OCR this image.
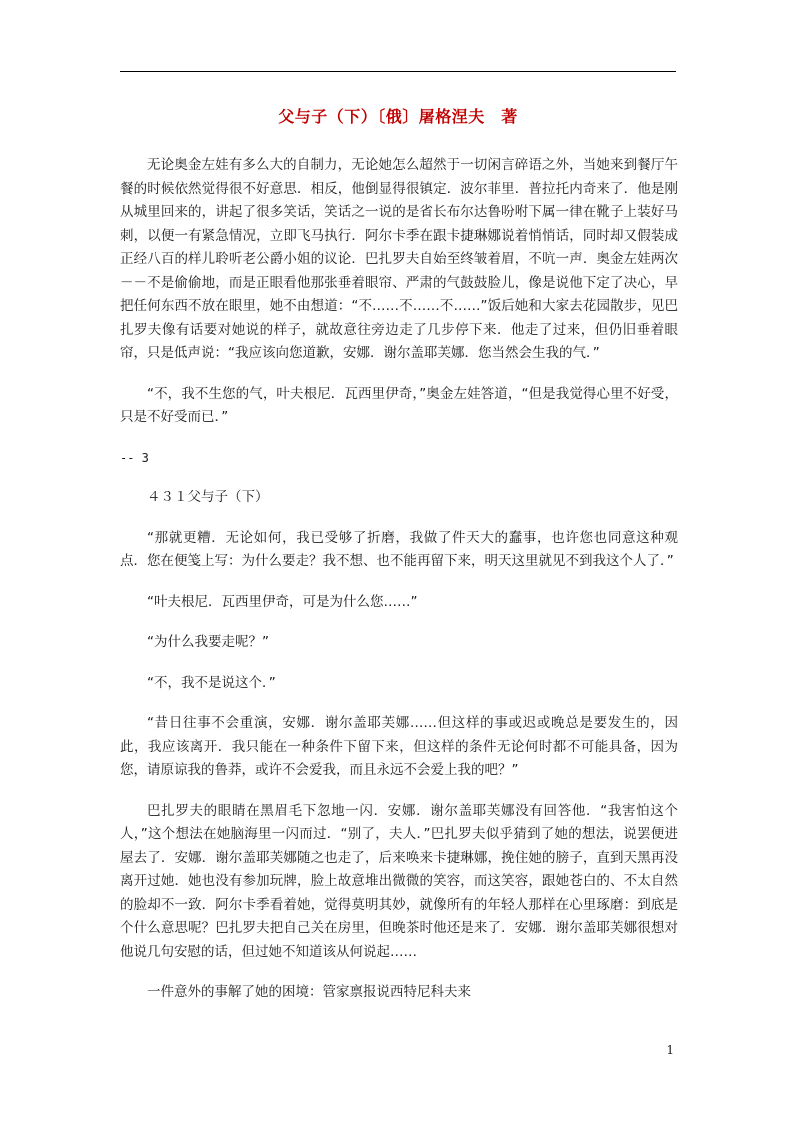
父与子（下）〔俄〕屠格涅夫　著

无论奥金左娃有多么大的自制力，无论她怎么超然于一切闲言碎语之外，当她来到餐厅午餐的时候依然觉得很不好意思．相反，他倒显得很镇定．波尔菲里．普拉托内奇来了．他是刚从城里回来的，讲起了很多笑话，笑话之一说的是省长布尔达鲁吩咐下属一律在靴子上装好马刺，以便一有紧急情况，立即飞马执行．阿尔卡季在跟卡捷琳娜说着悄悄话，同时却又假装成正经八百的样儿聆听老公爵小姐的议论．巴扎罗夫自始至终皱着眉，不吭一声．奥金左娃两次－－不是偷偷地，而是正眼看他那张垂着眼帘、严肃的气鼓鼓脸儿，像是说他下定了决心，早把任何东西不放在眼里，她不由想道：“不……不……不……”饭后她和大家去花园散步，见巴扎罗夫像有话要对她说的样子，就故意往旁边走了几步停下来．他走了过来，但仍旧垂着眼帘，只是低声说：“我应该向您道歉，安娜．谢尔盖耶芙娜．您当然会生我的气．”

“不，我不生您的气，叶夫根尼．瓦西里伊奇，”奥金左娃答道，“但是我觉得心里不好受，只是不好受而已．”

-- 3
４３１父与子（下）

“那就更糟．无论如何，我已受够了折磨，我做了件天大的蠢事，也许您也同意这种观点．您在便笺上写：为什么要走？我不想、也不能再留下来，明天这里就见不到我这个人了．”

“叶夫根尼．瓦西里伊奇，可是为什么您……”

“为什么我要走呢？”

“不，我不是说这个．”

“昔日往事不会重演，安娜．谢尔盖耶芙娜……但这样的事或迟或晚总是要发生的，因此，我应该离开．我只能在一种条件下留下来，但这样的条件无论何时都不可能具备，因为您，请原谅我的鲁莽，或许不会爱我，而且永远不会爱上我的吧？”

巴扎罗夫的眼睛在黑眉毛下忽地一闪．安娜．谢尔盖耶芙娜没有回答他．“我害怕这个人，”这个想法在她脑海里一闪而过．“别了，夫人．”巴扎罗夫似乎猜到了她的想法，说罢便进屋去了．安娜．谢尔盖耶芙娜随之也走了，后来唤来卡捷琳娜，挽住她的膀子，直到天黑再没离开过她．她也没有参加玩牌，脸上故意堆出微微的笑容，而这笑容，跟她苍白的、不太自然的脸却不一致．阿尔卡季看着她，觉得莫明其妙，就像所有的年轻人那样在心里琢磨：到底是个什么意思呢？巴扎罗夫把自己关在房里，但晚茶时他还是来了．安娜．谢尔盖耶芙娜很想对他说几句安慰的话，但过她不知道该从何说起……

一件意外的事解了她的困境：管家禀报说西特尼科夫来

1
